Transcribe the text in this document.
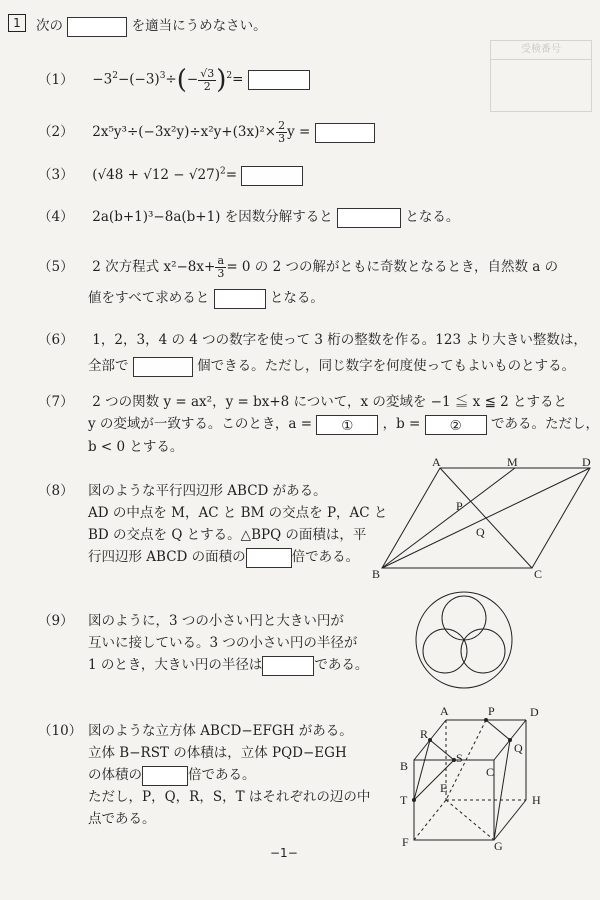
1	次の	を適当にうめなさい。
受検番号
$(1) -3^2-(-3)^3\div(- \frac{√3}{2} )^2=$
（2） $2x^5y^3\div(-3x^2y)\div x^2y+(3x)^2\times \frac{2}{3}$ y =
（3） $(√48 + √12 - √27)^2=$
（4） 2a(b+1)³−8a(b+1) を因数分解すると	となる。
（5） 2 次方程式 $x^2-8x+ \frac{a}{3} = 0$ の 2 つの解がともに奇数となるとき，自然数 a の
値をすべて求めると	となる。
（6） 1，2，3，4 の 4 つの数字を使って 3 桁の整数を作る。123 より大きい整数は，
全部で	個できる。ただし，同じ数字を何度使ってもよいものとする。
（7） 2 つの関数 y = ax²，y = bx+8 について，x の変域を −1 ≦ x ≦ 2 とすると
y の変域が一致する。このとき，a = ① ，b = ② である。ただし，
b < 0 とする。
（8） 図のような平行四辺形 ABCD がある。
AD の中点を M，AC と BM の交点を P，AC と
BD の交点を Q とする。△BPQ の面積は，平
行四辺形 ABCD の面積の	倍である。
A	M	D
P
Q
B	C
（9） 図のように，3 つの小さい円と大きい円が
互いに接している。3 つの小さい円の半径が
1 のとき，大きい円の半径は	である。
（10） 図のような立方体 ABCD−EFGH がある。
立体 B−RST の体積は，立体 PQD−EGH
の体積の	倍である。
ただし，P，Q，R，S，T はそれぞれの辺の中
点である。
A	P	D
R
S
Q
B	C
T
E
H
F	G
−1−
